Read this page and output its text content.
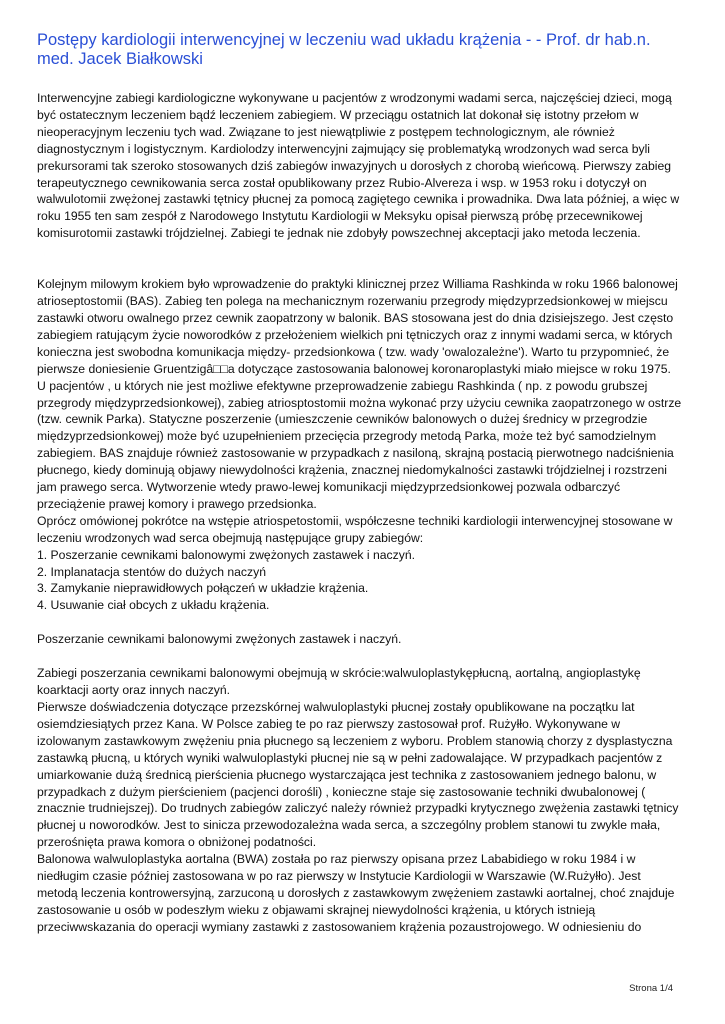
Postępy kardiologii interwencyjnej w leczeniu wad układu krążenia - - Prof. dr hab.n. med. Jacek Białkowski

Interwencyjne zabiegi kardiologiczne wykonywane u pacjentów z wrodzonymi wadami serca, najczęściej dzieci, mogą być ostatecznym leczeniem bądź leczeniem zabiegiem. W przeciągu ostatnich lat dokonał się istotny przełom w nieoperacyjnym leczeniu tych wad. Związane to jest niewątpliwie z postępem technologicznym, ale również diagnostycznym i logistycznym. Kardiolodzy interwencyjni zajmujący się problematyką wrodzonych wad serca byli prekursorami tak szeroko stosowanych dziś zabiegów inwazyjnych u dorosłych z chorobą wieńcową. Pierwszy zabieg terapeutycznego cewnikowania serca został opublikowany przez Rubio-Alvereza i wsp. w 1953 roku i dotyczył on walwulotomii zwężonej zastawki tętnicy płucnej za pomocą zagiętego cewnika i prowadnika. Dwa lata później, a więc w roku 1955 ten sam zespół z Narodowego Instytutu Kardiologii w Meksyku opisał pierwszą próbę przecewnikowej komisurotomii zastawki trójdzielnej. Zabiegi te jednak nie zdobyły powszechnej akceptacji jako metoda leczenia.

Kolejnym milowym krokiem było wprowadzenie do praktyki klinicznej przez Williama Rashkinda w roku 1966 balonowej atrioseptostomii (BAS). Zabieg ten polega na mechanicznym rozerwaniu przegrody międzyprzedsionkowej w miejscu zastawki otworu owalnego przez cewnik zaopatrzony w balonik. BAS stosowana jest do dnia dzisiejszego. Jest często zabiegiem ratującym życie noworodków z przełożeniem wielkich pni tętniczych oraz z innymi wadami serca, w których konieczna jest swobodna komunikacja między- przedsionkowa ( tzw. wady 'owalozależne'). Warto tu przypomnieć, że pierwsze doniesienie Gruentzigâ□□a dotyczące zastosowania balonowej koronaroplastyki miało miejsce w roku 1975. U pacjentów , u których nie jest możliwe efektywne przeprowadzenie zabiegu Rashkinda ( np. z powodu grubszej przegrody międzyprzedsionkowej), zabieg atriosptostomii można wykonać przy użyciu cewnika zaopatrzonego w ostrze (tzw. cewnik Parka). Statyczne poszerzenie (umieszczenie cewników balonowych o dużej średnicy w przegrodzie międzyprzedsionkowej) może być uzupełnieniem przecięcia przegrody metodą Parka, może też być samodzielnym zabiegiem. BAS znajduje również zastosowanie w przypadkach z nasiloną, skrajną postacią pierwotnego nadciśnienia płucnego, kiedy dominują objawy niewydolności krążenia, znacznej niedomykalności zastawki trójdzielnej i rozstrzeni jam prawego serca. Wytworzenie wtedy prawo-lewej komunikacji międzyprzedsionkowej pozwala odbarczyć przeciążenie prawej komory i prawego przedsionka.

Oprócz omówionej pokrótce na wstępie atriospetostomii, współczesne techniki kardiologii interwencyjnej stosowane w leczeniu wrodzonych wad serca obejmują następujące grupy zabiegów:

1. Poszerzanie cewnikami balonowymi zwężonych zastawek i naczyń.

2. Implanatacja stentów do dużych naczyń

3. Zamykanie nieprawidłowych połączeń w układzie krążenia.

4. Usuwanie ciał obcych z układu krążenia.

Poszerzanie cewnikami balonowymi zwężonych zastawek i naczyń.

Zabiegi poszerzania cewnikami balonowymi obejmują w skrócie:walwuloplastykępłucną, aortalną, angioplastykę koarktacji aorty oraz innych naczyń.

Pierwsze doświadczenia dotyczące przezskórnej walwuloplastyki płucnej zostały opublikowane na początku lat osiemdziesiątych przez Kana. W Polsce zabieg te po raz pierwszy zastosował prof. Rużyłło. Wykonywane w izolowanym zastawkowym zwężeniu pnia płucnego są leczeniem z wyboru. Problem stanowią chorzy z dysplastyczna zastawką płucną, u których wyniki walwuloplastyki płucnej nie są w pełni zadowalające. W przypadkach pacjentów z umiarkowanie dużą średnicą pierścienia płucnego wystarczająca jest technika z zastosowaniem jednego balonu, w przypadkach z dużym pierścieniem (pacjenci dorośli) , konieczne staje się zastosowanie techniki dwubalonowej ( znacznie trudniejszej). Do trudnych zabiegów zaliczyć należy również przypadki krytycznego zwężenia zastawki tętnicy płucnej u noworodków. Jest to sinicza przewodozależna wada serca, a szczególny problem stanowi tu zwykle mała, przerośnięta prawa komora o obniżonej podatności.

Balonowa walwuloplastyka aortalna (BWA) została po raz pierwszy opisana przez Lababidiego w roku 1984 i w niedługim czasie później zastosowana w po raz pierwszy w Instytucie Kardiologii w Warszawie (W.Rużyłło). Jest metodą leczenia kontrowersyjną, zarzuconą u dorosłych z zastawkowym zwężeniem zastawki aortalnej, choć znajduje zastosowanie u osób w podeszłym wieku z objawami skrajnej niewydolności krążenia, u których istnieją przeciwwskazania do operacji wymiany zastawki z zastosowaniem krążenia pozaustrojowego. W odniesieniu do

Strona 1/4
